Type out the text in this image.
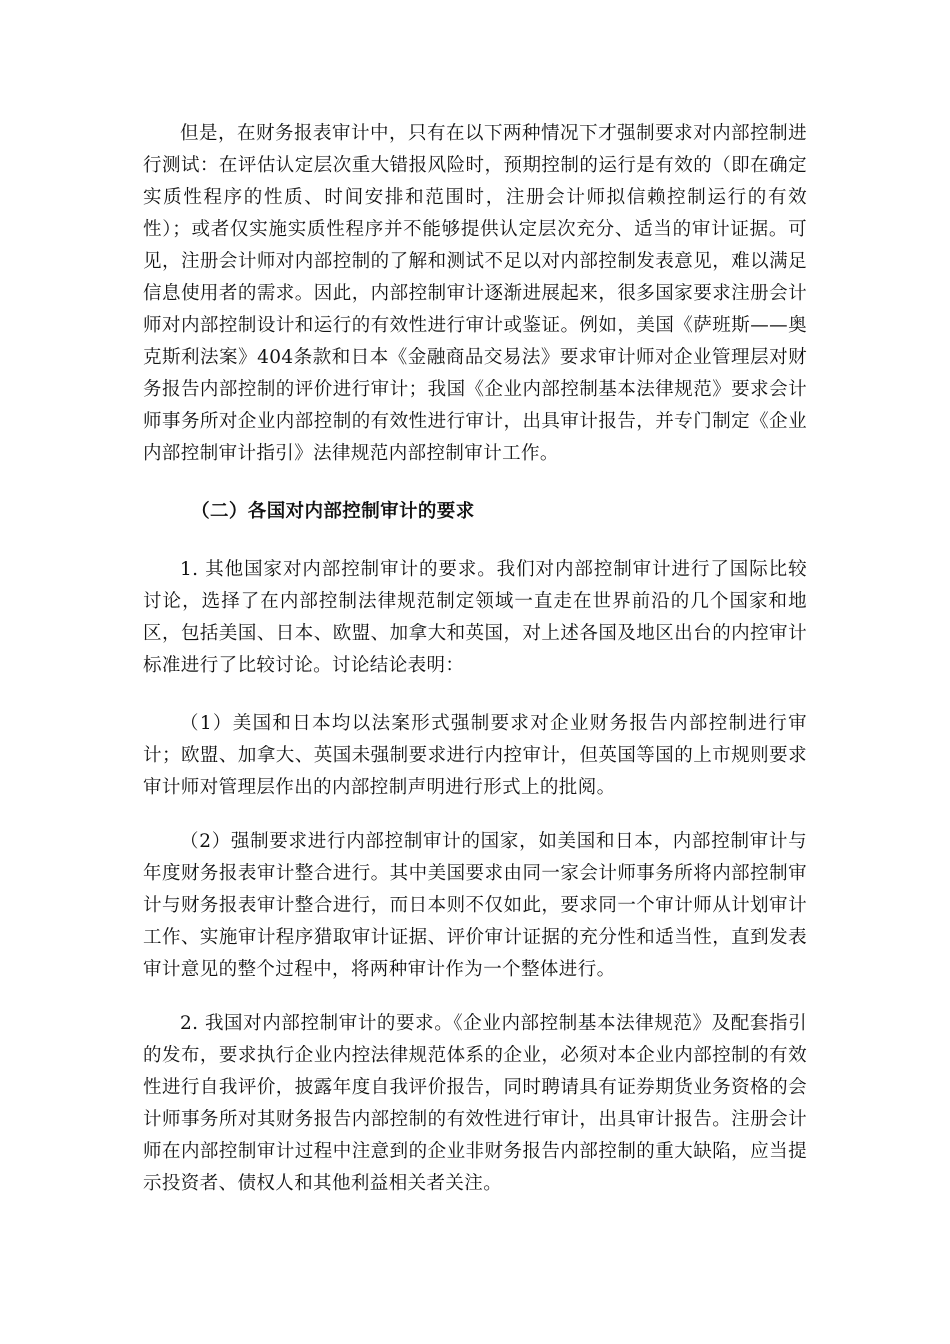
但是，在财务报表审计中，只有在以下两种情况下才强制要求对内部控制进行测试：在评估认定层次重大错报风险时，预期控制的运行是有效的（即在确定实质性程序的性质、时间安排和范围时，注册会计师拟信赖控制运行的有效性）；或者仅实施实质性程序并不能够提供认定层次充分、适当的审计证据。可见，注册会计师对内部控制的了解和测试不足以对内部控制发表意见，难以满足信息使用者的需求。因此，内部控制审计逐渐进展起来，很多国家要求注册会计师对内部控制设计和运行的有效性进行审计或鉴证。例如，美国《萨班斯——奥克斯利法案》404条款和日本《金融商品交易法》要求审计师对企业管理层对财务报告内部控制的评价进行审计；我国《企业内部控制基本法律规范》要求会计师事务所对企业内部控制的有效性进行审计，出具审计报告，并专门制定《企业内部控制审计指引》法律规范内部控制审计工作。

（二）各国对内部控制审计的要求

1. 其他国家对内部控制审计的要求。我们对内部控制审计进行了国际比较讨论，选择了在内部控制法律规范制定领域一直走在世界前沿的几个国家和地区，包括美国、日本、欧盟、加拿大和英国，对上述各国及地区出台的内控审计标准进行了比较讨论。讨论结论表明：

（1）美国和日本均以法案形式强制要求对企业财务报告内部控制进行审计；欧盟、加拿大、英国未强制要求进行内控审计，但英国等国的上市规则要求审计师对管理层作出的内部控制声明进行形式上的批阅。

（2）强制要求进行内部控制审计的国家，如美国和日本，内部控制审计与年度财务报表审计整合进行。其中美国要求由同一家会计师事务所将内部控制审计与财务报表审计整合进行，而日本则不仅如此，要求同一个审计师从计划审计工作、实施审计程序猎取审计证据、评价审计证据的充分性和适当性，直到发表审计意见的整个过程中，将两种审计作为一个整体进行。

2. 我国对内部控制审计的要求。《企业内部控制基本法律规范》及配套指引的发布，要求执行企业内控法律规范体系的企业，必须对本企业内部控制的有效性进行自我评价，披露年度自我评价报告，同时聘请具有证券期货业务资格的会计师事务所对其财务报告内部控制的有效性进行审计，出具审计报告。注册会计师在内部控制审计过程中注意到的企业非财务报告内部控制的重大缺陷，应当提示投资者、债权人和其他利益相关者关注。
